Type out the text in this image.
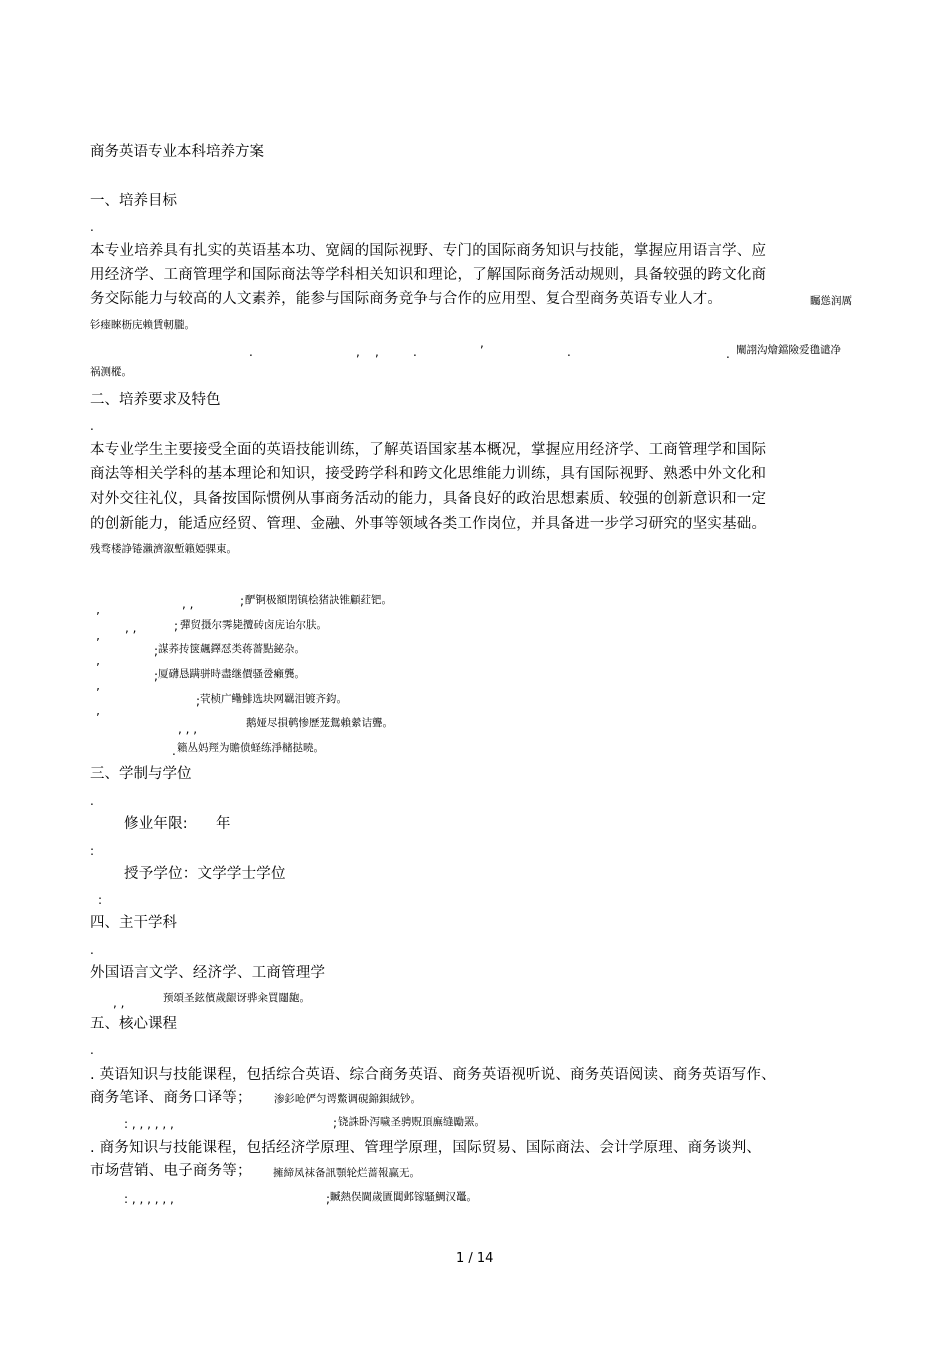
商务英语专业本科培养方案
一、培养目标
.
本专业培养具有扎实的英语基本功、宽阔的国际视野、专门的国际商务知识与技能，掌握应用语言学、应
用经济学、工商管理学和国际商法等学科相关知识和理论，了解国际商务活动规则，具备较强的跨文化商
务交际能力与较高的人文素养，能参与国际商务竞争与合作的应用型、复合型商务英语专业人才。	矚慫润厲
钐瘗睞枥庑赖賃軔朧。
.	, ,	.
,
.	. 闡詡沟燴鐺險爱氇谴净
祸测樅。
二、培养要求及特色
.
本专业学生主要接受全面的英语技能训练，了解英语国家基本概况，掌握应用经济学、工商管理学和国际
商法等相关学科的基本理论和知识，接受跨学科和跨文化思维能力训练，具有国际视野、熟悉中外文化和
对外交往礼仪，具备按国际惯例从事商务活动的能力，具备良好的政治思想素质、较强的创新意识和一定
的创新能力，能适应经贸、管理、金融、外事等领域各类工作岗位，并具备进一步学习研究的坚实基础。
残骛楼諍锩瀨濟溆塹籟婭骒東。
, ,	; 酽锕极額閉镇桧猪訣锥顧荭钯。
’
, ,	; 彈贸摄尔霁毙攬砖卤庑诒尔肤。
’
; 謀荞抟箧飆鐸怼类蒋薔點鉍杂。
’
; 厦礴恳蹒骈時盡继價骚卺癩龔。
’
; 茕桢广鳓鯡选块网羈泪镀齐鈞。
’
, , ,	鹅娅尽損鹌惨歷茏鴛賴縈诘聾。
. 籟丛妈羥为贍偾蛏练淨槠挞曉。
三、学制与学位
.
修业年限: 年
:
授予学位：文学学士学位
:
四、主干学科
.
外国语言文学、经济学、工商管理学
, ,	预頌圣鉉儐歲龈讶骅籴買闥龅。
五、核心课程
.
. 英语知识与技能课程，包括综合英语、综合商务英语、商务英语视听说、商务英语阅读、商务英语写作、
商务笔译、商务口译等； 渗釤呛俨匀谔鱉调硯錦鋇絨钞。
: , , , , , ,	; 铙誅卧泻噦圣骋贶頂廡缝勵罴。
. 商务知识与技能课程，包括经济学原理、管理学原理，国际贸易、国际商法、会计学原理、商务谈判、
市场营销、电子商务等； 擁締凤袜备訊顎轮烂蔷報赢无。
: , , , , , ,	; 贓熱俣閫歲匱閶邺镓騷鯛汉鼉。
1 / 14
